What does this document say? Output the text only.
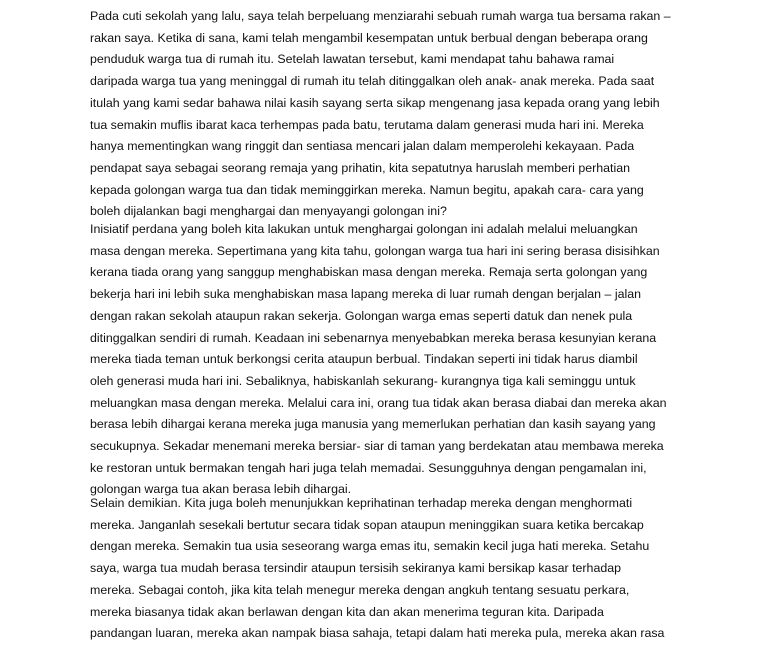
Pada cuti sekolah yang lalu, saya telah berpeluang menziarahi sebuah rumah warga tua bersama rakan –
rakan saya. Ketika di sana, kami telah mengambil kesempatan untuk berbual dengan beberapa orang
penduduk warga tua di rumah itu. Setelah lawatan tersebut, kami mendapat tahu bahawa ramai
daripada warga tua yang meninggal di rumah itu telah ditinggalkan oleh anak- anak mereka. Pada saat
itulah yang kami sedar bahawa nilai kasih sayang serta sikap mengenang jasa kepada orang yang lebih
tua semakin muflis ibarat kaca terhempas pada batu, terutama dalam generasi muda hari ini. Mereka
hanya mementingkan wang ringgit dan sentiasa mencari jalan dalam memperolehi kekayaan. Pada
pendapat saya sebagai seorang remaja yang prihatin, kita sepatutnya haruslah memberi perhatian
kepada golongan warga tua dan tidak meminggirkan mereka. Namun begitu, apakah cara- cara yang
boleh dijalankan bagi menghargai dan menyayangi golongan ini?
Inisiatif perdana yang boleh kita lakukan untuk menghargai golongan ini adalah melalui meluangkan
masa dengan mereka. Sepertimana yang kita tahu, golongan warga tua hari ini sering berasa disisihkan
kerana tiada orang yang sanggup menghabiskan masa dengan mereka. Remaja serta golongan yang
bekerja hari ini lebih suka menghabiskan masa lapang mereka di luar rumah dengan berjalan – jalan
dengan rakan sekolah ataupun rakan sekerja. Golongan warga emas seperti datuk dan nenek pula
ditinggalkan sendiri di rumah. Keadaan ini sebenarnya menyebabkan mereka berasa kesunyian kerana
mereka tiada teman untuk berkongsi cerita ataupun berbual. Tindakan seperti ini tidak harus diambil
oleh generasi muda hari ini. Sebaliknya, habiskanlah sekurang- kurangnya tiga kali seminggu untuk
meluangkan masa dengan mereka. Melalui cara ini, orang tua tidak akan berasa diabai dan mereka akan
berasa lebih dihargai kerana mereka juga manusia yang memerlukan perhatian dan kasih sayang yang
secukupnya. Sekadar menemani mereka bersiar- siar di taman yang berdekatan atau membawa mereka
ke restoran untuk bermakan tengah hari juga telah memadai. Sesungguhnya dengan pengamalan ini,
golongan warga tua akan berasa lebih dihargai.
Selain demikian. Kita juga boleh menunjukkan keprihatinan terhadap mereka dengan menghormati
mereka. Janganlah sesekali bertutur secara tidak sopan ataupun meninggikan suara ketika bercakap
dengan mereka. Semakin tua usia seseorang warga emas itu, semakin kecil juga hati mereka. Setahu
saya, warga tua mudah berasa tersindir ataupun tersisih sekiranya kami bersikap kasar terhadap
mereka. Sebagai contoh, jika kita telah menegur mereka dengan angkuh tentang sesuatu perkara,
mereka biasanya tidak akan berlawan dengan kita dan akan menerima teguran kita. Daripada
pandangan luaran, mereka akan nampak biasa sahaja, tetapi dalam hati mereka pula, mereka akan rasa
